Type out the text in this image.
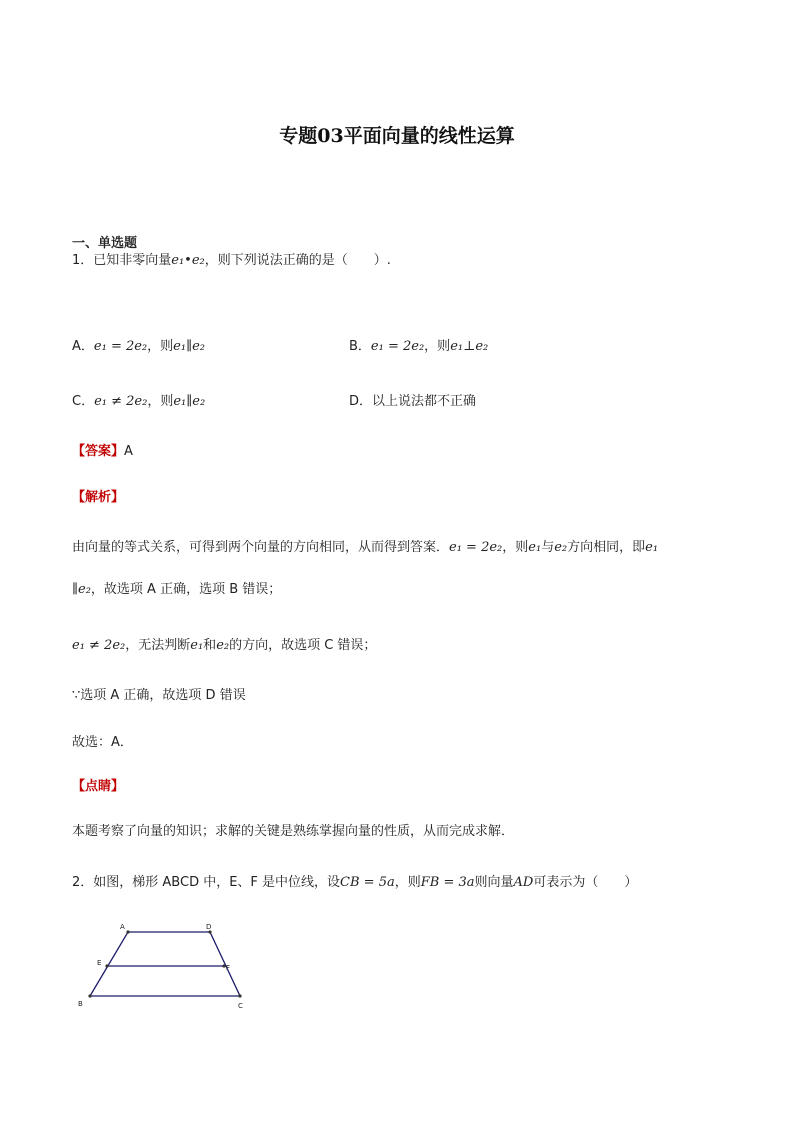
专题03平面向量的线性运算
一、单选题
1．已知非零向量e₁•e₂，则下列说法正确的是（　　）.
A．e₁ = 2e₂，则e₁∥e₂	B．e₁ = 2e₂，则e₁⊥e₂
C．e₁ ≠ 2e₂，则e₁∥e₂	D．以上说法都不正确
【答案】A
【解析】
由向量的等式关系，可得到两个向量的方向相同，从而得到答案．e₁ = 2e₂，则e₁与e₂方向相同，即e₁
∥e₂，故选项 A 正确，选项 B 错误；
e₁ ≠ 2e₂，无法判断e₁和e₂的方向，故选项 C 错误；
∵选项 A 正确，故选项 D 错误
故选：A．
【点睛】
本题考察了向量的知识；求解的关键是熟练掌握向量的性质，从而完成求解．
2．如图，梯形 ABCD 中，E、F 是中位线，设CB = 5a，则FB = 3a则向量AD可表示为（　　）
A	D
E
F
B	C
